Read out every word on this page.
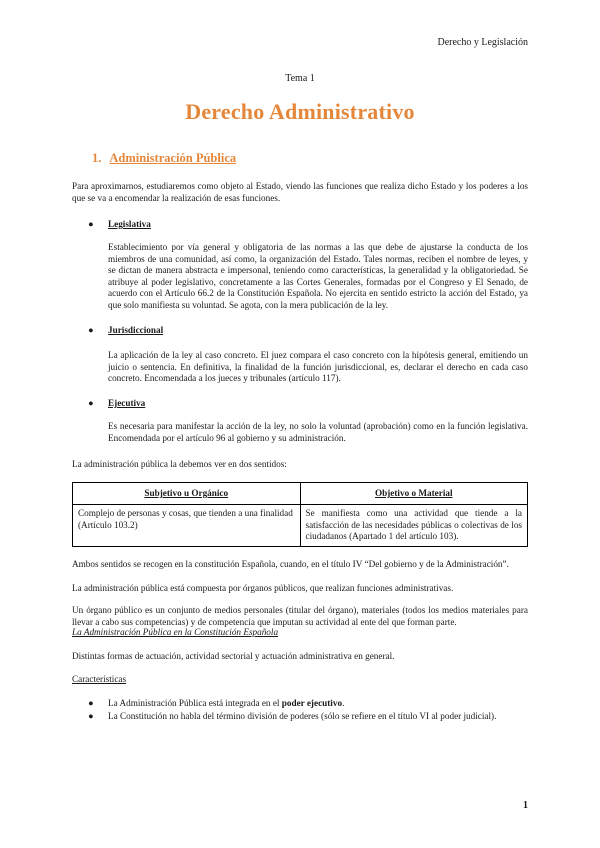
Derecho y Legislación
Tema 1
Derecho Administrativo
1. Administración Pública
Para aproximarnos, estudiaremos como objeto al Estado, viendo las funciones que realiza dicho Estado y los poderes a los que se va a encomendar la realización de esas funciones.
● Legislativa
Establecimiento por vía general y obligatoria de las normas a las que debe de ajustarse la conducta de los miembros de una comunidad, así como, la organización del Estado. Tales normas, reciben el nombre de leyes, y se dictan de manera abstracta e impersonal, teniendo como características, la generalidad y la obligatoriedad. Se atribuye al poder legislativo, concretamente a las Cortes Generales, formadas por el Congreso y El Senado, de acuerdo con el Artículo 66.2 de la Constitución Española. No ejercita en sentido estricto la acción del Estado, ya que solo manifiesta su voluntad. Se agota, con la mera publicación de la ley.
● Jurisdiccional
La aplicación de la ley al caso concreto. El juez compara el caso concreto con la hipótesis general, emitiendo un juicio o sentencia. En definitiva, la finalidad de la función jurisdiccional, es, declarar el derecho en cada caso concreto. Encomendada a los jueces y tribunales (artículo 117).
● Ejecutiva
Es necesaria para manifestar la acción de la ley, no solo la voluntad (aprobación) como en la función legislativa. Encomendada por el artículo 96 al gobierno y su administración.
La administración pública la debemos ver en dos sentidos:
Subjetivo u Orgánico	Objetivo o Material
Complejo de personas y cosas, que tienden a una finalidad (Artículo 103.2)	Se manifiesta como una actividad que tiende a la satisfacción de las necesidades públicas o colectivas de los ciudadanos (Apartado 1 del artículo 103).
Ambos sentidos se recogen en la constitución Española, cuando, en el título IV “Del gobierno y de la Administración”.
La administración pública está compuesta por órganos públicos, que realizan funciones administrativas.
Un órgano público es un conjunto de medios personales (titular del órgano), materiales (todos los medios materiales para llevar a cabo sus competencias) y de competencia que imputan su actividad al ente del que forman parte.
La Administración Pública en la Constitución Española
Distintas formas de actuación, actividad sectorial y actuación administrativa en general.
Características
● La Administración Pública está integrada en el poder ejecutivo.
● La Constitución no habla del término división de poderes (sólo se refiere en el título VI al poder judicial).
1
